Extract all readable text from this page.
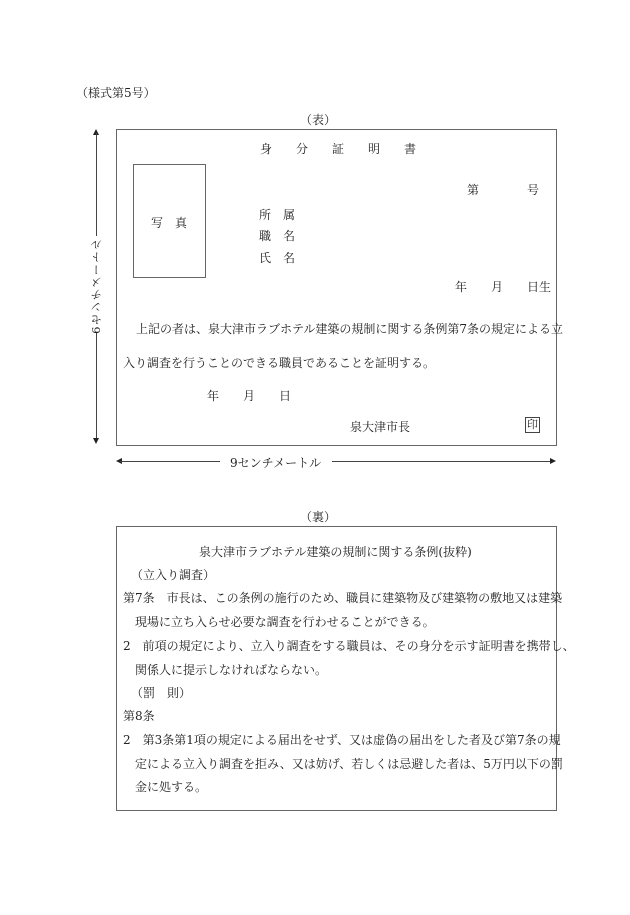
（様式第5号）
（表）
身　　分　　証　　明　　書
写　真
第　　　　号
所　属
職　名
氏　名
年　　月　　日生
上記の者は、泉大津市ラブホテル建築の規制に関する条例第7条の規定による立
入り調査を行うことのできる職員であることを証明する。
年　　月　　日
泉大津市長	印
6センチメートル
9センチメートル
（裏）
泉大津市ラブホテル建築の規制に関する条例(抜粋)
（立入り調査）
第7条　市長は、この条例の施行のため、職員に建築物及び建築物の敷地又は建築
現場に立ち入らせ必要な調査を行わせることができる。
2　前項の規定により、立入り調査をする職員は、その身分を示す証明書を携帯し、
関係人に提示しなければならない。
（罰　則）
第8条
2　第3条第1項の規定による届出をせず、又は虚偽の届出をした者及び第7条の規
定による立入り調査を拒み、又は妨げ、若しくは忌避した者は、5万円以下の罰
金に処する。
